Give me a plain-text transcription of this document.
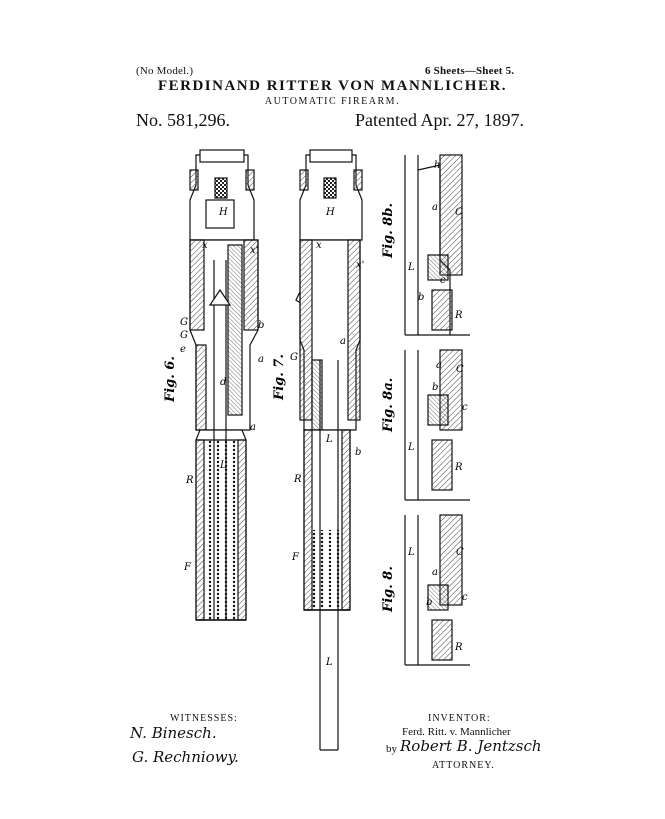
(No Model.)	6 Sheets—Sheet 5.
FERDINAND RITTER VON MANNLICHER.
AUTOMATIC FIREARM.
No. 581,296.	Patented Apr. 27, 1897.
H
x	x'
G
e
G
b
a
a
R
L
F
d
Fig. 6.
H
x
x'
G
a
b
R
L
F
L
Fig. 7.
h
a C
L
b
R
c
Fig. 8b.
a
b
C
L
R
c
Fig. 8a.
L
a
C
b	c
R
Fig. 8.
WITNESSES:
N. Binesch.
G. Rechniowy.
INVENTOR:
Ferd. Ritt. v. Mannlicher
by Robert B. Jentzsch
ATTORNEY.
